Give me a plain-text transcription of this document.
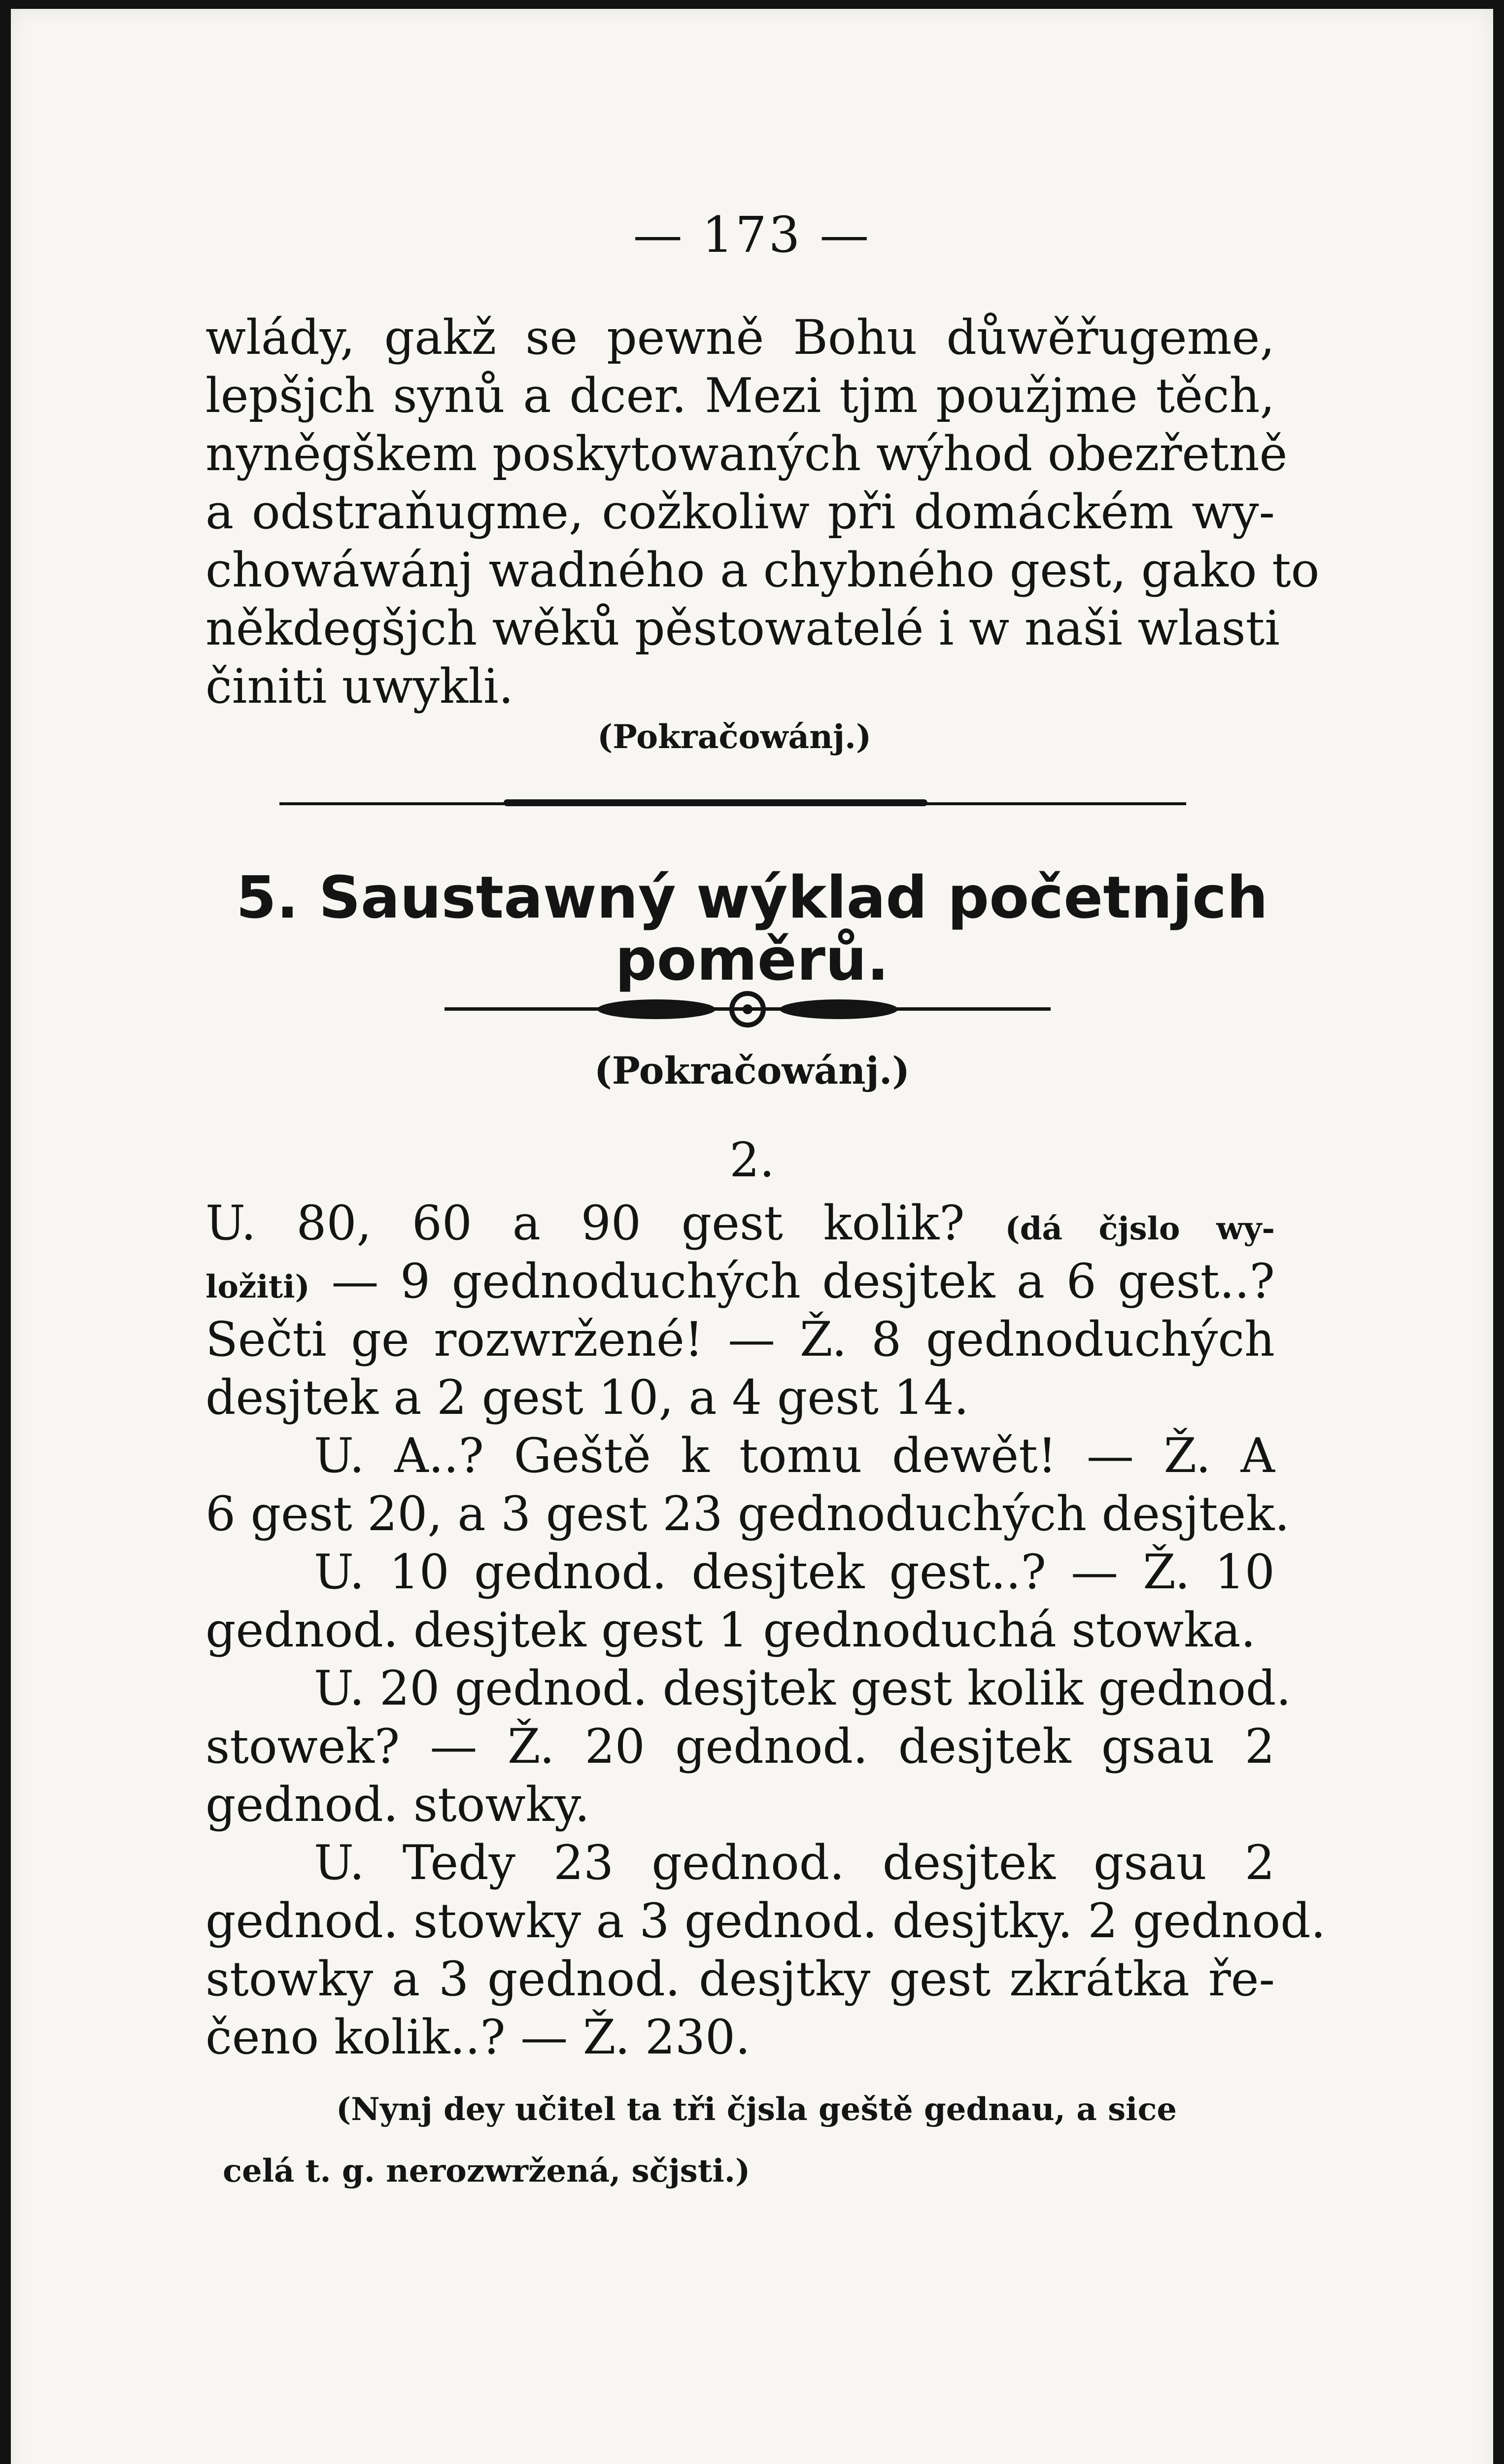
— 173 —
wlády, gakž se pewně Bohu důwěřugeme,
lepšjch synů a dcer. Mezi tjm použjme těch,
nyněgškem poskytowaných wýhod obezřetně
a odstraňugme, cožkoliw při domáckém wy-
chowáwánj wadného a chybného gest, gako to
někdegšjch wěků pěstowatelé i w naši wlasti
činiti uwykli.
(Pokračowánj.)
5. Saustawný wýklad početnjch
poměrů.
(Pokračowánj.)
2.
U. 80, 60 a 90 gest kolik? (dá čjslo wy-
ložiti) — 9 gednoduchých desjtek a 6 gest..?
Sečti ge rozwržené! — Ž. 8 gednoduchých
desjtek a 2 gest 10, a 4 gest 14.
U. A..? Geště k tomu dewět! — Ž. A
6 gest 20, a 3 gest 23 gednoduchých desjtek.
U. 10 gednod. desjtek gest..? — Ž. 10
gednod. desjtek gest 1 gednoduchá stowka.
U. 20 gednod. desjtek gest kolik gednod.
stowek? — Ž. 20 gednod. desjtek gsau 2
gednod. stowky.
U. Tedy 23 gednod. desjtek gsau 2
gednod. stowky a 3 gednod. desjtky. 2 gednod.
stowky a 3 gednod. desjtky gest zkrátka ře-
čeno kolik..? — Ž. 230.
(Nynj dey učitel ta tři čjsla geště gednau, a sice
celá t. g. nerozwržená, sčjsti.)
